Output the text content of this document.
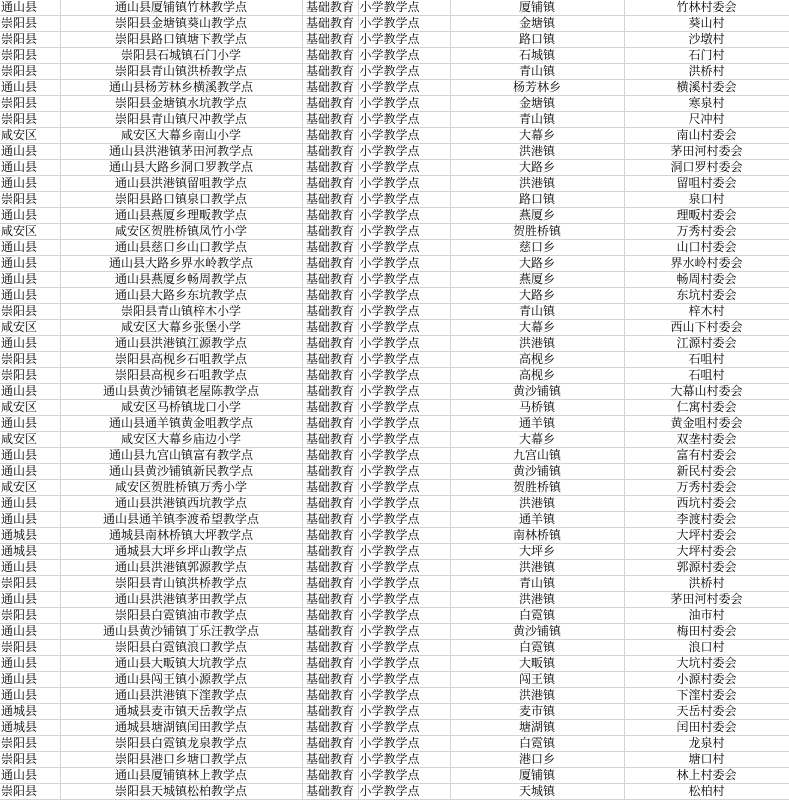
通山县	通山县厦铺镇竹林教学点	基础教育	小学教学点	厦铺镇	竹林村委会
崇阳县	崇阳县金塘镇葵山教学点	基础教育	小学教学点	金塘镇	葵山村
崇阳县	崇阳县路口镇塘下教学点	基础教育	小学教学点	路口镇	沙墩村
崇阳县	崇阳县石城镇石门小学	基础教育	小学教学点	石城镇	石门村
崇阳县	崇阳县青山镇洪桥教学点	基础教育	小学教学点	青山镇	洪桥村
通山县	通山县杨芳林乡横溪教学点	基础教育	小学教学点	杨芳林乡	横溪村委会
崇阳县	崇阳县金塘镇水坑教学点	基础教育	小学教学点	金塘镇	寒泉村
崇阳县	崇阳县青山镇尺冲教学点	基础教育	小学教学点	青山镇	尺冲村
咸安区	咸安区大幕乡南山小学	基础教育	小学教学点	大幕乡	南山村委会
通山县	通山县洪港镇茅田河教学点	基础教育	小学教学点	洪港镇	茅田河村委会
通山县	通山县大路乡洞口罗教学点	基础教育	小学教学点	大路乡	洞口罗村委会
通山县	通山县洪港镇留咀教学点	基础教育	小学教学点	洪港镇	留咀村委会
崇阳县	崇阳县路口镇泉口教学点	基础教育	小学教学点	路口镇	泉口村
通山县	通山县燕厦乡理畈教学点	基础教育	小学教学点	燕厦乡	理畈村委会
咸安区	咸安区贺胜桥镇凤竹小学	基础教育	小学教学点	贺胜桥镇	万秀村委会
通山县	通山县慈口乡山口教学点	基础教育	小学教学点	慈口乡	山口村委会
通山县	通山县大路乡界水岭教学点	基础教育	小学教学点	大路乡	界水岭村委会
通山县	通山县燕厦乡畅周教学点	基础教育	小学教学点	燕厦乡	畅周村委会
通山县	通山县大路乡东坑教学点	基础教育	小学教学点	大路乡	东坑村委会
崇阳县	崇阳县青山镇梓木小学	基础教育	小学教学点	青山镇	梓木村
咸安区	咸安区大幕乡张堡小学	基础教育	小学教学点	大幕乡	西山下村委会
通山县	通山县洪港镇江源教学点	基础教育	小学教学点	洪港镇	江源村委会
崇阳县	崇阳县高枧乡石咀教学点	基础教育	小学教学点	高枧乡	石咀村
崇阳县	崇阳县高枧乡石咀教学点	基础教育	小学教学点	高枧乡	石咀村
通山县	通山县黄沙铺镇老屋陈教学点	基础教育	小学教学点	黄沙铺镇	大幕山村委会
咸安区	咸安区马桥镇垅口小学	基础教育	小学教学点	马桥镇	仁寓村委会
通山县	通山县通羊镇黄金咀教学点	基础教育	小学教学点	通羊镇	黄金咀村委会
咸安区	咸安区大幕乡庙边小学	基础教育	小学教学点	大幕乡	双垄村委会
通山县	通山县九宫山镇富有教学点	基础教育	小学教学点	九宫山镇	富有村委会
通山县	通山县黄沙铺镇新民教学点	基础教育	小学教学点	黄沙铺镇	新民村委会
咸安区	咸安区贺胜桥镇万秀小学	基础教育	小学教学点	贺胜桥镇	万秀村委会
通山县	通山县洪港镇西坑教学点	基础教育	小学教学点	洪港镇	西坑村委会
通山县	通山县通羊镇李渡希望教学点	基础教育	小学教学点	通羊镇	李渡村委会
通城县	通城县南林桥镇大坪教学点	基础教育	小学教学点	南林桥镇	大坪村委会
通城县	通城县大坪乡坪山教学点	基础教育	小学教学点	大坪乡	大坪村委会
通山县	通山县洪港镇郭源教学点	基础教育	小学教学点	洪港镇	郭源村委会
崇阳县	崇阳县青山镇洪桥教学点	基础教育	小学教学点	青山镇	洪桥村
通山县	通山县洪港镇茅田教学点	基础教育	小学教学点	洪港镇	茅田河村委会
崇阳县	崇阳县白霓镇油市教学点	基础教育	小学教学点	白霓镇	油市村
通山县	通山县黄沙铺镇丁乐汪教学点	基础教育	小学教学点	黄沙铺镇	梅田村委会
崇阳县	崇阳县白霓镇浪口教学点	基础教育	小学教学点	白霓镇	浪口村
通山县	通山县大畈镇大坑教学点	基础教育	小学教学点	大畈镇	大坑村委会
通山县	通山县闯王镇小源教学点	基础教育	小学教学点	闯王镇	小源村委会
通山县	通山县洪港镇下漥教学点	基础教育	小学教学点	洪港镇	下漥村委会
通城县	通城县麦市镇天岳教学点	基础教育	小学教学点	麦市镇	天岳村委会
通城县	通城县塘湖镇闰田教学点	基础教育	小学教学点	塘湖镇	闰田村委会
崇阳县	崇阳县白霓镇龙泉教学点	基础教育	小学教学点	白霓镇	龙泉村
崇阳县	崇阳县港口乡塘口教学点	基础教育	小学教学点	港口乡	塘口村
通山县	通山县厦铺镇林上教学点	基础教育	小学教学点	厦铺镇	林上村委会
崇阳县	崇阳县天城镇松柏教学点	基础教育	小学教学点	天城镇	松柏村
